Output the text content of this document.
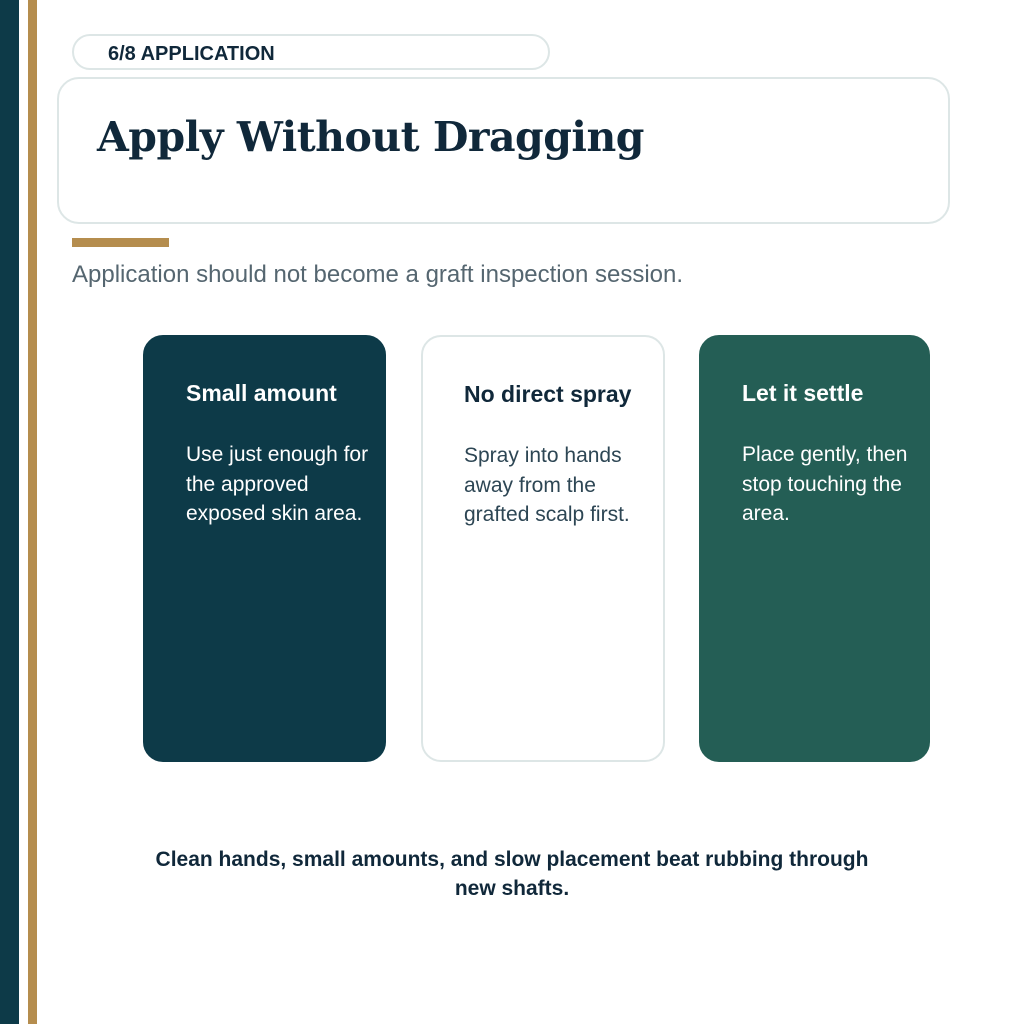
6/8 APPLICATION
Apply Without Dragging

Application should not become a graft inspection session.

Small amount

Use just enough for the approved exposed skin area.

No direct spray

Spray into hands away from the grafted scalp first.

Let it settle

Place gently, then stop touching the area.

Clean hands, small amounts, and slow placement beat rubbing through new shafts.
